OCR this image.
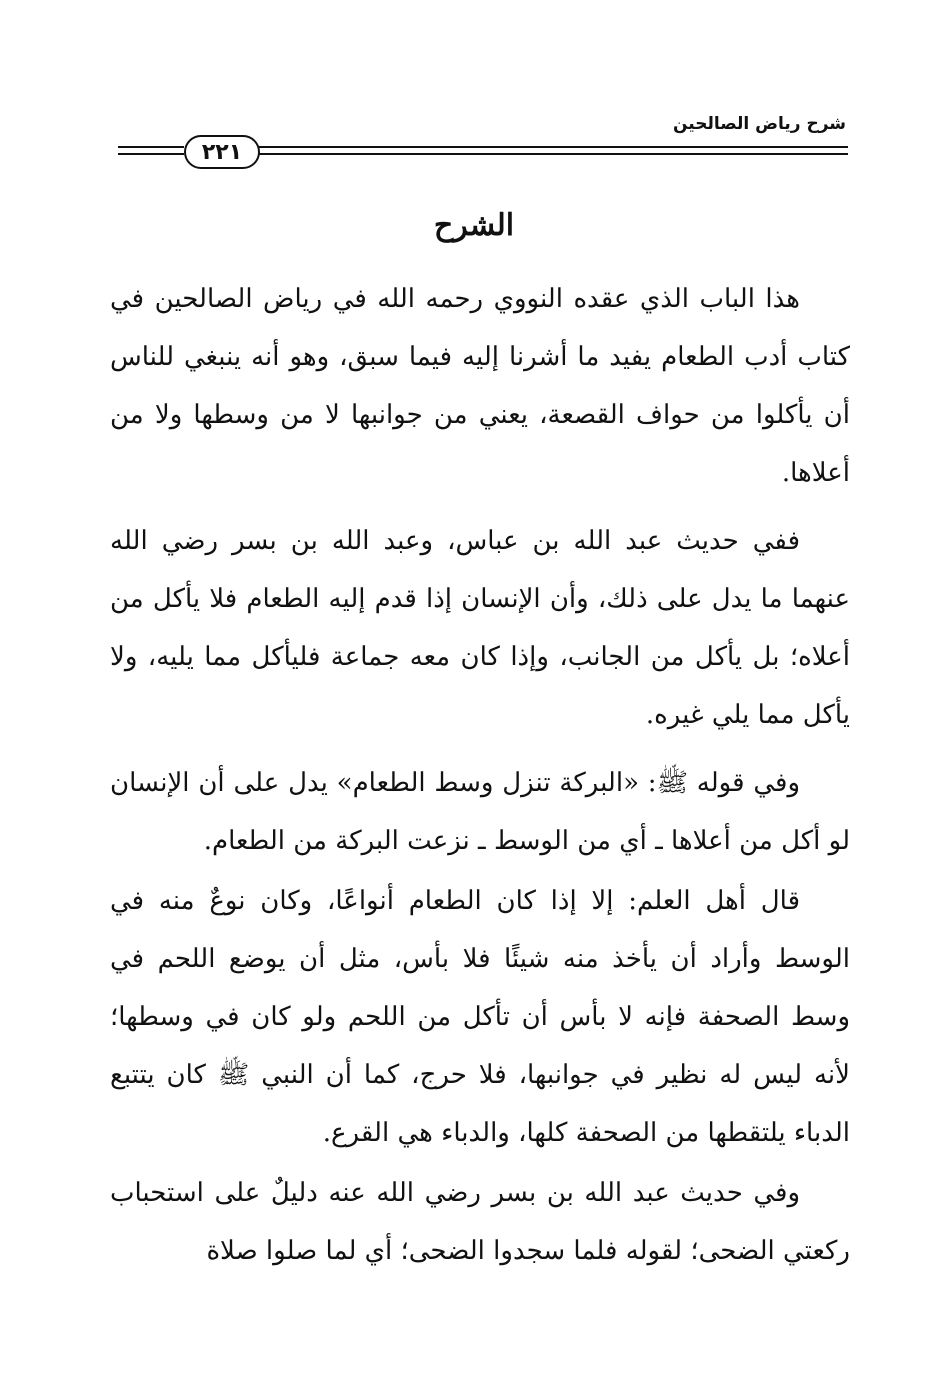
شرح رياض الصالحين
٢٢١
الشرح

هذا الباب الذي عقده النووي رحمه الله في رياض الصالحين في كتاب أدب الطعام يفيد ما أشرنا إليه فيما سبق، وهو أنه ينبغي للناس أن يأكلوا من حواف القصعة، يعني من جوانبها لا من وسطها ولا من أعلاها.

ففي حديث عبد الله بن عباس، وعبد الله بن بسر رضي الله عنهما ما يدل على ذلك، وأن الإنسان إذا قدم إليه الطعام فلا يأكل من أعلاه؛ بل يأكل من الجانب، وإذا كان معه جماعة فليأكل مما يليه، ولا يأكل مما يلي غيره.

وفي قوله ﷺ: «البركة تنزل وسط الطعام» يدل على أن الإنسان لو أكل من أعلاها ـ أي من الوسط ـ نزعت البركة من الطعام.

قال أهل العلم: إلا إذا كان الطعام أنواعًا، وكان نوعٌ منه في الوسط وأراد أن يأخذ منه شيئًا فلا بأس، مثل أن يوضع اللحم في وسط الصحفة فإنه لا بأس أن تأكل من اللحم ولو كان في وسطها؛ لأنه ليس له نظير في جوانبها، فلا حرج، كما أن النبي ﷺ كان يتتبع الدباء يلتقطها من الصحفة كلها، والدباء هي القرع.

وفي حديث عبد الله بن بسر رضي الله عنه دليلٌ على استحباب ركعتي الضحى؛ لقوله فلما سجدوا الضحى؛ أي لما صلوا صلاة
